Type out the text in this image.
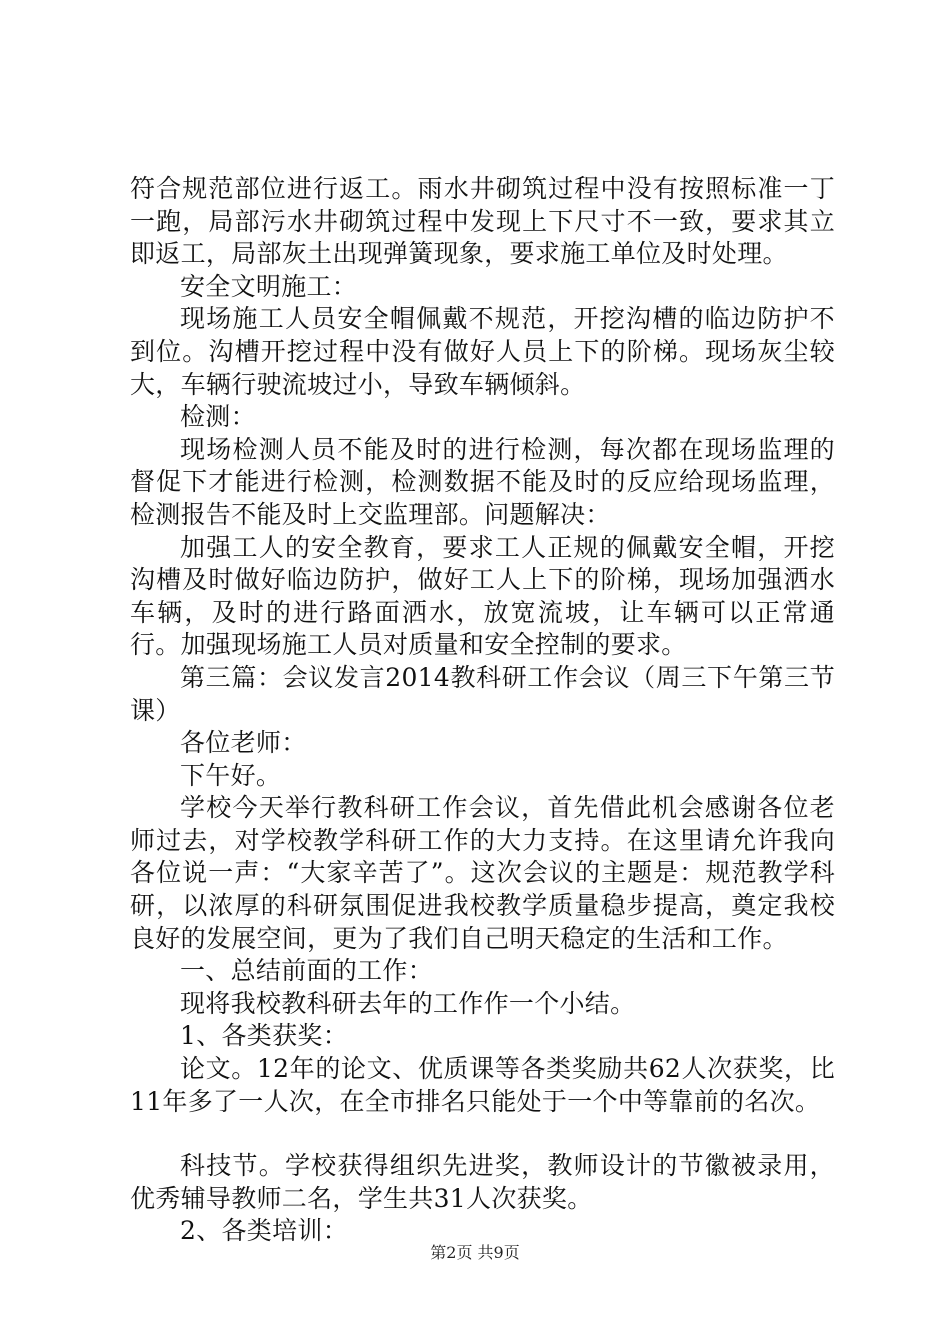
符合规范部位进行返工。雨水井砌筑过程中没有按照标准一丁一跑，局部污水井砌筑过程中发现上下尺寸不一致，要求其立即返工，局部灰土出现弹簧现象，要求施工单位及时处理。

安全文明施工：

现场施工人员安全帽佩戴不规范，开挖沟槽的临边防护不到位。沟槽开挖过程中没有做好人员上下的阶梯。现场灰尘较大，车辆行驶流坡过小，导致车辆倾斜。

检测：

现场检测人员不能及时的进行检测，每次都在现场监理的督促下才能进行检测，检测数据不能及时的反应给现场监理，检测报告不能及时上交监理部。问题解决：

加强工人的安全教育，要求工人正规的佩戴安全帽，开挖沟槽及时做好临边防护，做好工人上下的阶梯，现场加强洒水车辆，及时的进行路面洒水，放宽流坡，让车辆可以正常通行。加强现场施工人员对质量和安全控制的要求。

第三篇：会议发言2014教科研工作会议（周三下午第三节课）

各位老师：

下午好。

学校今天举行教科研工作会议，首先借此机会感谢各位老师过去，对学校教学科研工作的大力支持。在这里请允许我向各位说一声：“大家辛苦了”。这次会议的主题是：规范教学科研，以浓厚的科研氛围促进我校教学质量稳步提高，奠定我校良好的发展空间，更为了我们自己明天稳定的生活和工作。

一、总结前面的工作：

现将我校教科研去年的工作作一个小结。

1、各类获奖：

论文。12年的论文、优质课等各类奖励共62人次获奖，比11年多了一人次，在全市排名只能处于一个中等靠前的名次。

科技节。学校获得组织先进奖，教师设计的节徽被录用，优秀辅导教师二名，学生共31人次获奖。

2、各类培训：

第2页 共9页
